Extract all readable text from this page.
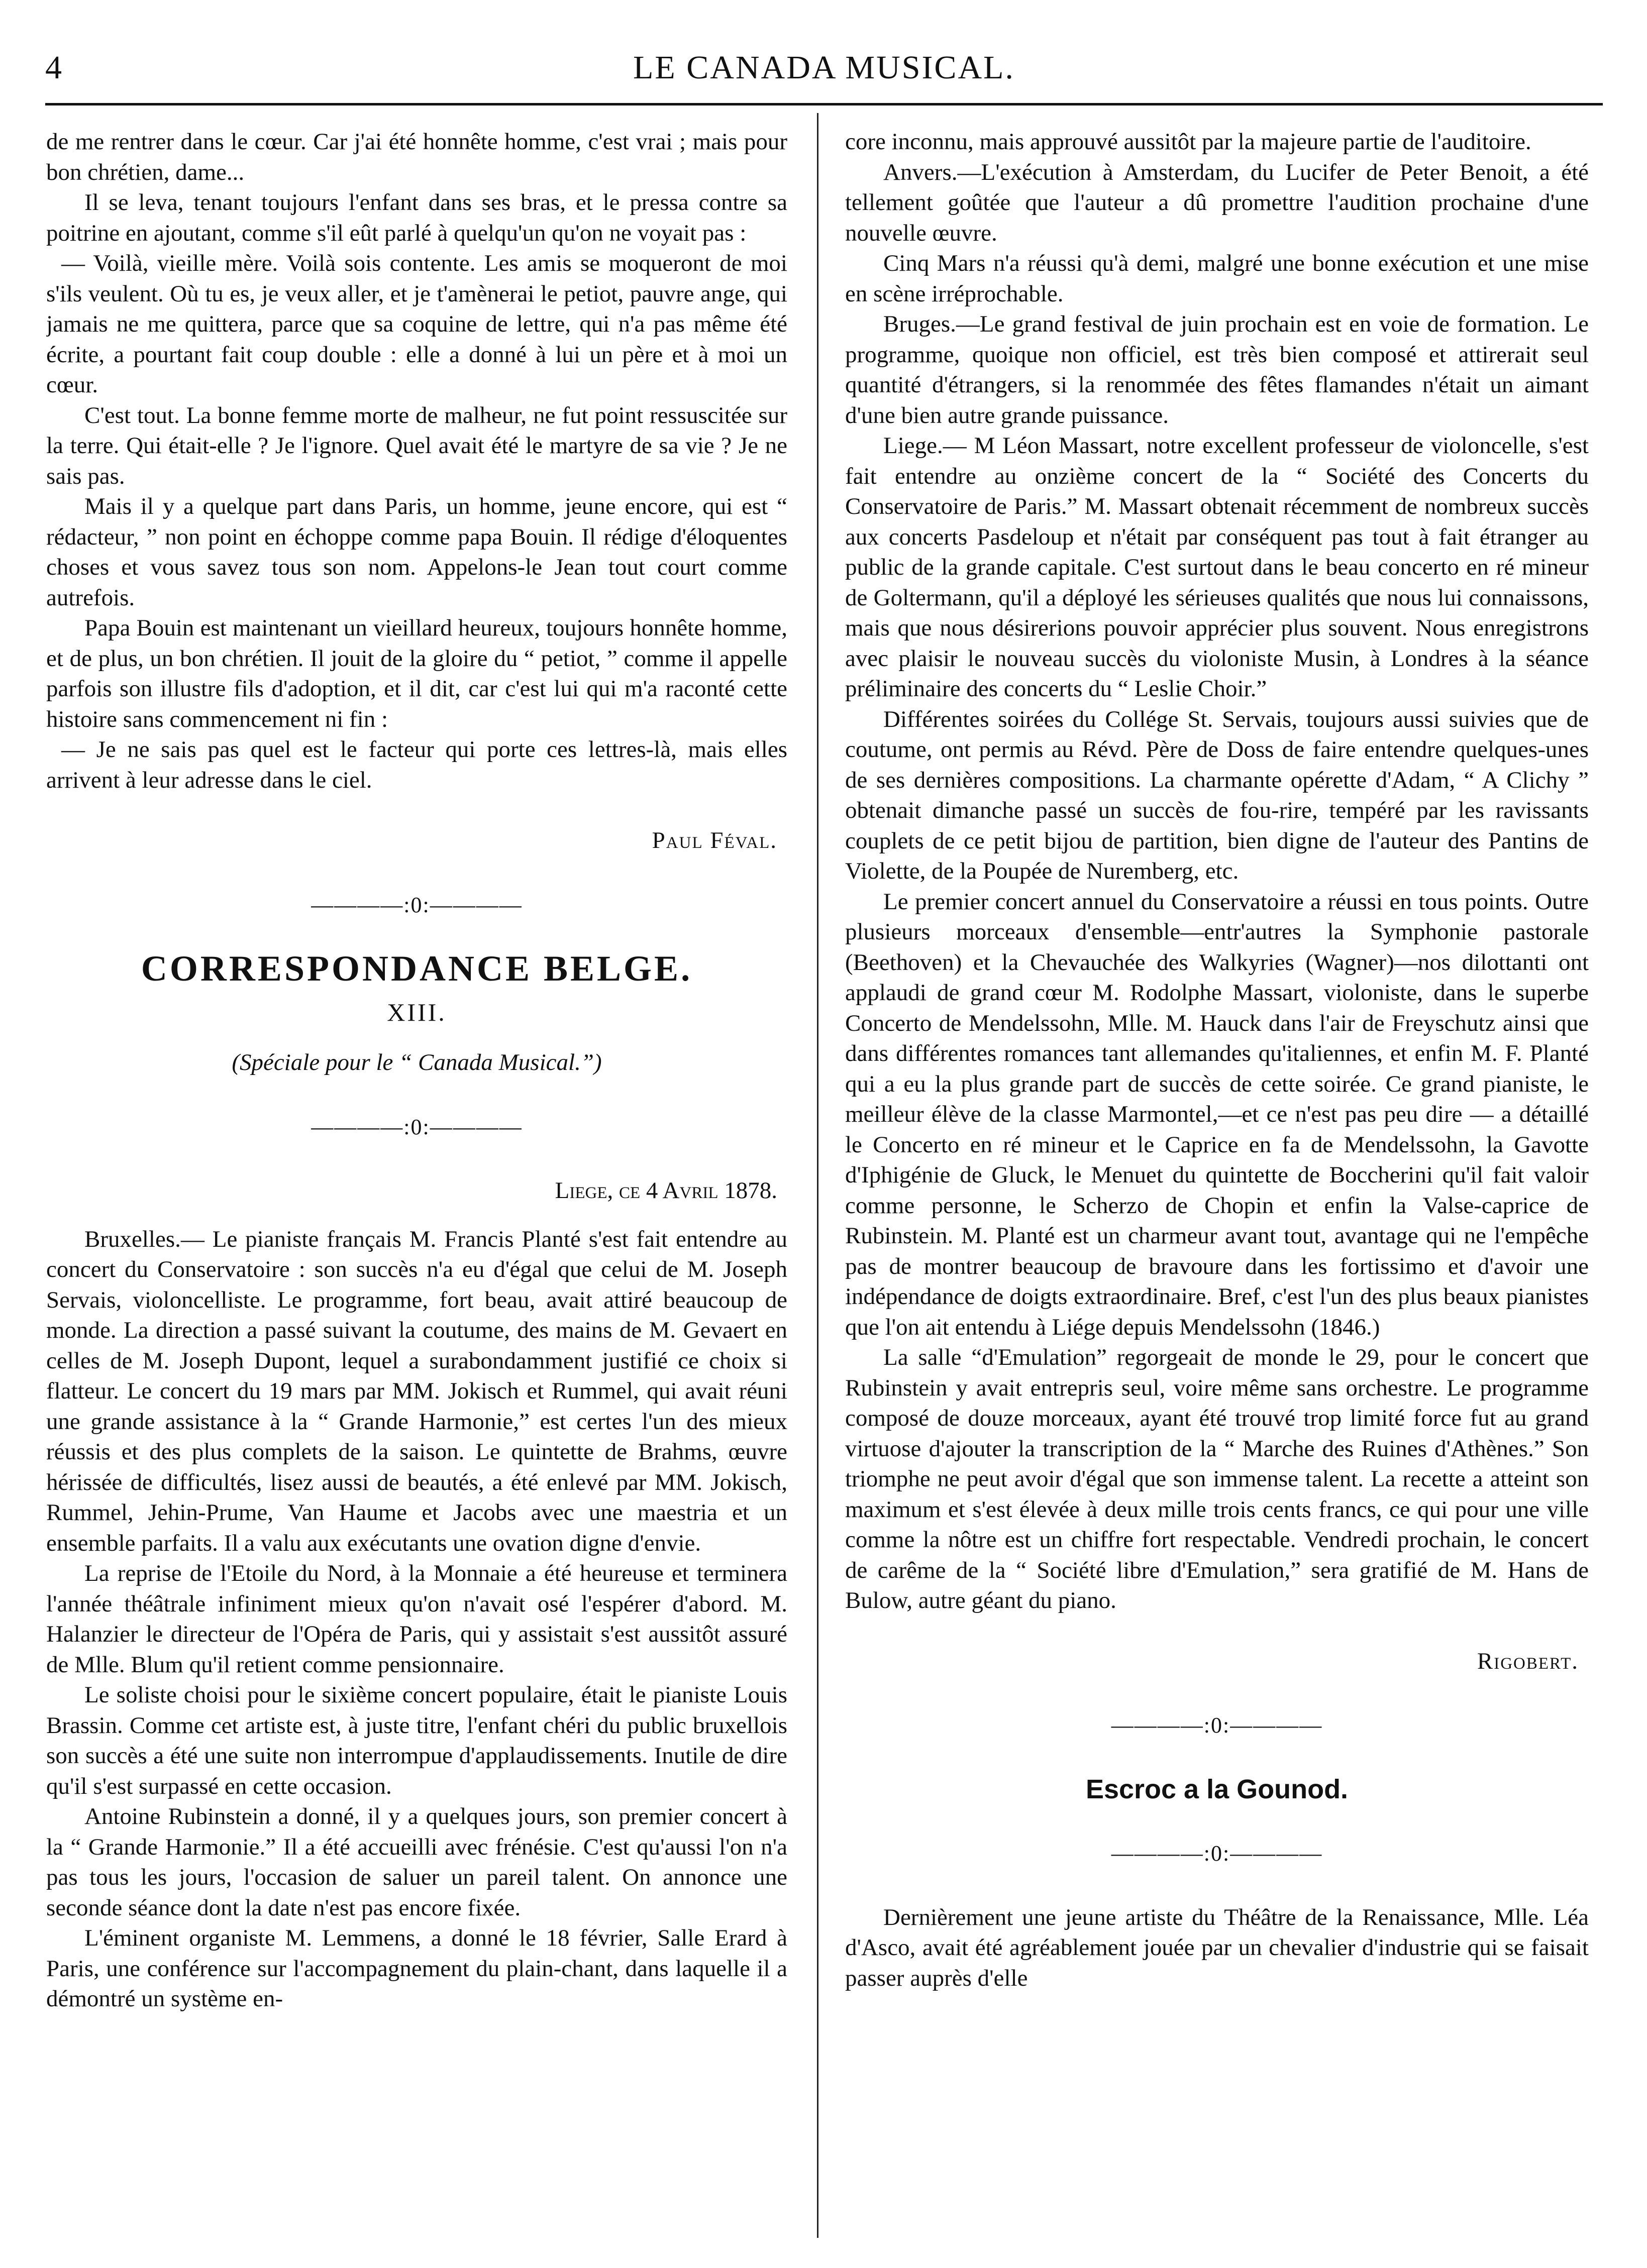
4	LE CANADA MUSICAL.

de me rentrer dans le cœur. Car j'ai été honnête homme, c'est vrai ; mais pour bon chrétien, dame...

Il se leva, tenant toujours l'enfant dans ses bras, et le pressa contre sa poitrine en ajoutant, comme s'il eût parlé à quelqu'un qu'on ne voyait pas :

— Voilà, vieille mère. Voilà sois contente. Les amis se moqueront de moi s'ils veulent. Où tu es, je veux aller, et je t'amènerai le petiot, pauvre ange, qui jamais ne me quittera, parce que sa coquine de lettre, qui n'a pas même été écrite, a pourtant fait coup double : elle a donné à lui un père et à moi un cœur.

C'est tout. La bonne femme morte de malheur, ne fut point ressuscitée sur la terre. Qui était-elle ? Je l'ignore. Quel avait été le martyre de sa vie ? Je ne sais pas.

Mais il y a quelque part dans Paris, un homme, jeune encore, qui est “ rédacteur, ” non point en échoppe comme papa Bouin. Il rédige d'éloquentes choses et vous savez tous son nom. Appelons-le Jean tout court comme autrefois.

Papa Bouin est maintenant un vieillard heureux, toujours honnête homme, et de plus, un bon chrétien. Il jouit de la gloire du “ petiot, ” comme il appelle parfois son illustre fils d'adoption, et il dit, car c'est lui qui m'a raconté cette histoire sans commencement ni fin :

— Je ne sais pas quel est le facteur qui porte ces lettres-là, mais elles arrivent à leur adresse dans le ciel.

Paul Féval.
————:0:————
CORRESPONDANCE BELGE.
XIII.
(Spéciale pour le “ Canada Musical.”)
————:0:————
Liege, ce 4 Avril 1878.

Bruxelles.— Le pianiste français M. Francis Planté s'est fait entendre au concert du Conservatoire : son succès n'a eu d'égal que celui de M. Joseph Servais, violoncelliste. Le programme, fort beau, avait attiré beaucoup de monde. La direction a passé suivant la coutume, des mains de M. Gevaert en celles de M. Joseph Dupont, lequel a surabondamment justifié ce choix si flatteur. Le concert du 19 mars par MM. Jokisch et Rummel, qui avait réuni une grande assistance à la “ Grande Harmonie,” est certes l'un des mieux réussis et des plus complets de la saison. Le quintette de Brahms, œuvre hérissée de difficultés, lisez aussi de beautés, a été enlevé par MM. Jokisch, Rummel, Jehin-Prume, Van Haume et Jacobs avec une maestria et un ensemble parfaits. Il a valu aux exécutants une ovation digne d'envie.

La reprise de l'Etoile du Nord, à la Monnaie a été heureuse et terminera l'année théâtrale infiniment mieux qu'on n'avait osé l'espérer d'abord. M. Halanzier le directeur de l'Opéra de Paris, qui y assistait s'est aussitôt assuré de Mlle. Blum qu'il retient comme pensionnaire.

Le soliste choisi pour le sixième concert populaire, était le pianiste Louis Brassin. Comme cet artiste est, à juste titre, l'enfant chéri du public bruxellois son succès a été une suite non interrompue d'applaudissements. Inutile de dire qu'il s'est surpassé en cette occasion.

Antoine Rubinstein a donné, il y a quelques jours, son premier concert à la “ Grande Harmonie.” Il a été accueilli avec frénésie. C'est qu'aussi l'on n'a pas tous les jours, l'occasion de saluer un pareil talent. On annonce une seconde séance dont la date n'est pas encore fixée.

L'éminent organiste M. Lemmens, a donné le 18 février, Salle Erard à Paris, une conférence sur l'accompagnement du plain-chant, dans laquelle il a démontré un système en-

core inconnu, mais approuvé aussitôt par la majeure partie de l'auditoire.

Anvers.—L'exécution à Amsterdam, du Lucifer de Peter Benoit, a été tellement goûtée que l'auteur a dû promettre l'audition prochaine d'une nouvelle œuvre.

Cinq Mars n'a réussi qu'à demi, malgré une bonne exécution et une mise en scène irréprochable.

Bruges.—Le grand festival de juin prochain est en voie de formation. Le programme, quoique non officiel, est très bien composé et attirerait seul quantité d'étrangers, si la renommée des fêtes flamandes n'était un aimant d'une bien autre grande puissance.

Liege.— M Léon Massart, notre excellent professeur de violoncelle, s'est fait entendre au onzième concert de la “ Société des Concerts du Conservatoire de Paris.” M. Massart obtenait récemment de nombreux succès aux concerts Pasdeloup et n'était par conséquent pas tout à fait étranger au public de la grande capitale. C'est surtout dans le beau concerto en ré mineur de Goltermann, qu'il a déployé les sérieuses qualités que nous lui connaissons, mais que nous désirerions pouvoir apprécier plus souvent. Nous enregistrons avec plaisir le nouveau succès du violoniste Musin, à Londres à la séance préliminaire des concerts du “ Leslie Choir.”

Différentes soirées du Collége St. Servais, toujours aussi suivies que de coutume, ont permis au Révd. Père de Doss de faire entendre quelques-unes de ses dernières compositions. La charmante opérette d'Adam, “ A Clichy ” obtenait dimanche passé un succès de fou-rire, tempéré par les ravissants couplets de ce petit bijou de partition, bien digne de l'auteur des Pantins de Violette, de la Poupée de Nuremberg, etc.

Le premier concert annuel du Conservatoire a réussi en tous points. Outre plusieurs morceaux d'ensemble—entr'autres la Symphonie pastorale (Beethoven) et la Chevauchée des Walkyries (Wagner)—nos dilottanti ont applaudi de grand cœur M. Rodolphe Massart, violoniste, dans le superbe Concerto de Mendelssohn, Mlle. M. Hauck dans l'air de Freyschutz ainsi que dans différentes romances tant allemandes qu'italiennes, et enfin M. F. Planté qui a eu la plus grande part de succès de cette soirée. Ce grand pianiste, le meilleur élève de la classe Marmontel,—et ce n'est pas peu dire — a détaillé le Concerto en ré mineur et le Caprice en fa de Mendelssohn, la Gavotte d'Iphigénie de Gluck, le Menuet du quintette de Boccherini qu'il fait valoir comme personne, le Scherzo de Chopin et enfin la Valse-caprice de Rubinstein. M. Planté est un charmeur avant tout, avantage qui ne l'empêche pas de montrer beaucoup de bravoure dans les fortissimo et d'avoir une indépendance de doigts extraordinaire. Bref, c'est l'un des plus beaux pianistes que l'on ait entendu à Liége depuis Mendelssohn (1846.)

La salle “d'Emulation” regorgeait de monde le 29, pour le concert que Rubinstein y avait entrepris seul, voire même sans orchestre. Le programme composé de douze morceaux, ayant été trouvé trop limité force fut au grand virtuose d'ajouter la transcription de la “ Marche des Ruines d'Athènes.” Son triomphe ne peut avoir d'égal que son immense talent. La recette a atteint son maximum et s'est élevée à deux mille trois cents francs, ce qui pour une ville comme la nôtre est un chiffre fort respectable. Vendredi prochain, le concert de carême de la “ Société libre d'Emulation,” sera gratifié de M. Hans de Bulow, autre géant du piano.

Rigobert.
————:0:————
Escroc a la Gounod.
————:0:————

Dernièrement une jeune artiste du Théâtre de la Renaissance, Mlle. Léa d'Asco, avait été agréablement jouée par un chevalier d'industrie qui se faisait passer auprès d'elle
